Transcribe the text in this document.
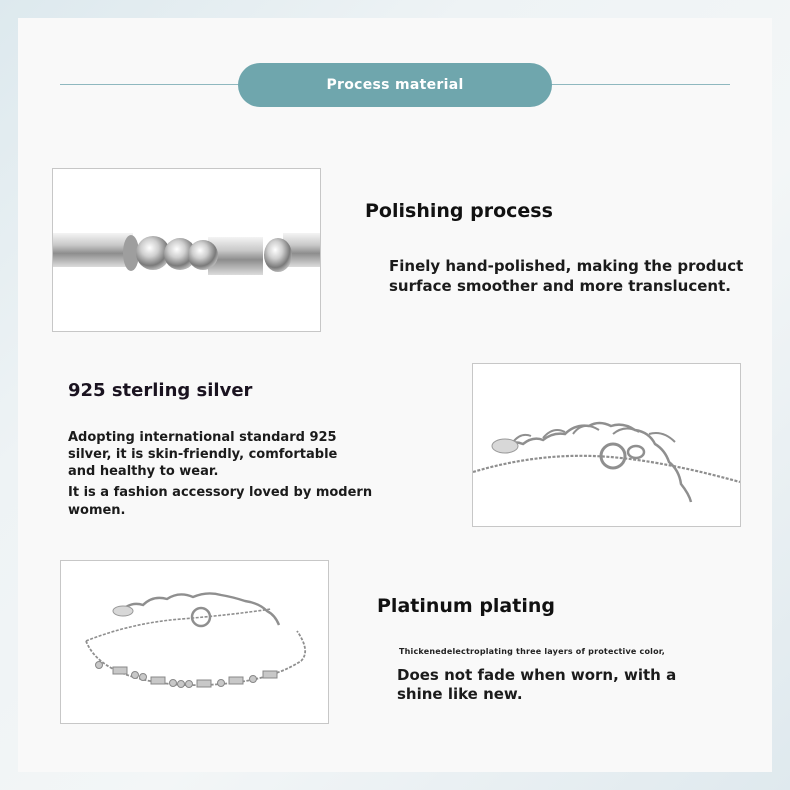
Process material
Polishing process
Finely hand-polished, making the product
surface smoother and more translucent.
925 sterling silver
Adopting international standard 925
silver, it is skin-friendly, comfortable
and healthy to wear.
It is a fashion accessory loved by modern
women.
Platinum plating
Thickenedelectroplating three layers of protective color,
Does not fade when worn, with a
shine like new.
